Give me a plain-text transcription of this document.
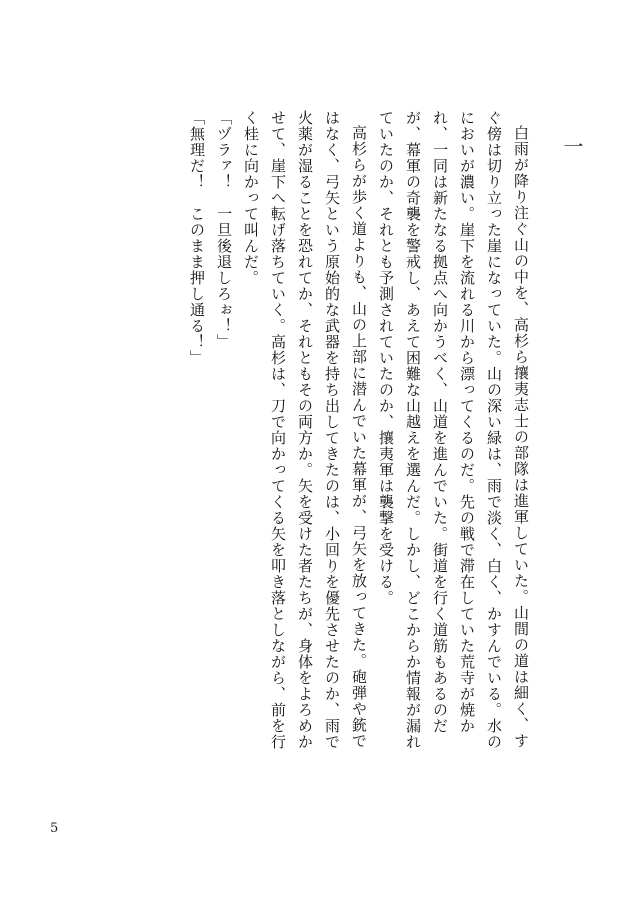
一

白雨が降り注ぐ山の中を、高杉ら攘夷志士の部隊は進軍していた。山間の道は細く、すぐ傍は切り立った崖になっていた。山の深い緑は、雨で淡く、白く、かすんでいる。水のにおいが濃い。崖下を流れる川から漂ってくるのだ。先の戦で滞在していた荒寺が焼かれ、一同は新たなる拠点へ向かうべく、山道を進んでいた。街道を行く道筋もあるのだが、幕軍の奇襲を警戒し、あえて困難な山越えを選んだ。しかし、どこからか情報が漏れていたのか、それとも予測されていたのか、攘夷軍は襲撃を受ける。

高杉らが歩く道よりも、山の上部に潜んでいた幕軍が、弓矢を放ってきた。砲弾や銃ではなく、弓矢という原始的な武器を持ち出してきたのは、小回りを優先させたのか、雨で火薬が湿ることを恐れてか、それともその両方か。矢を受けた者たちが、身体をよろめかせて、崖下へ転げ落ちていく。高杉は、刀で向かってくる矢を叩き落としながら、前を行く桂に向かって叫んだ。

「ヅラァ！　一旦後退しろぉ！」

「無理だ！　このまま押し通る！」

5
